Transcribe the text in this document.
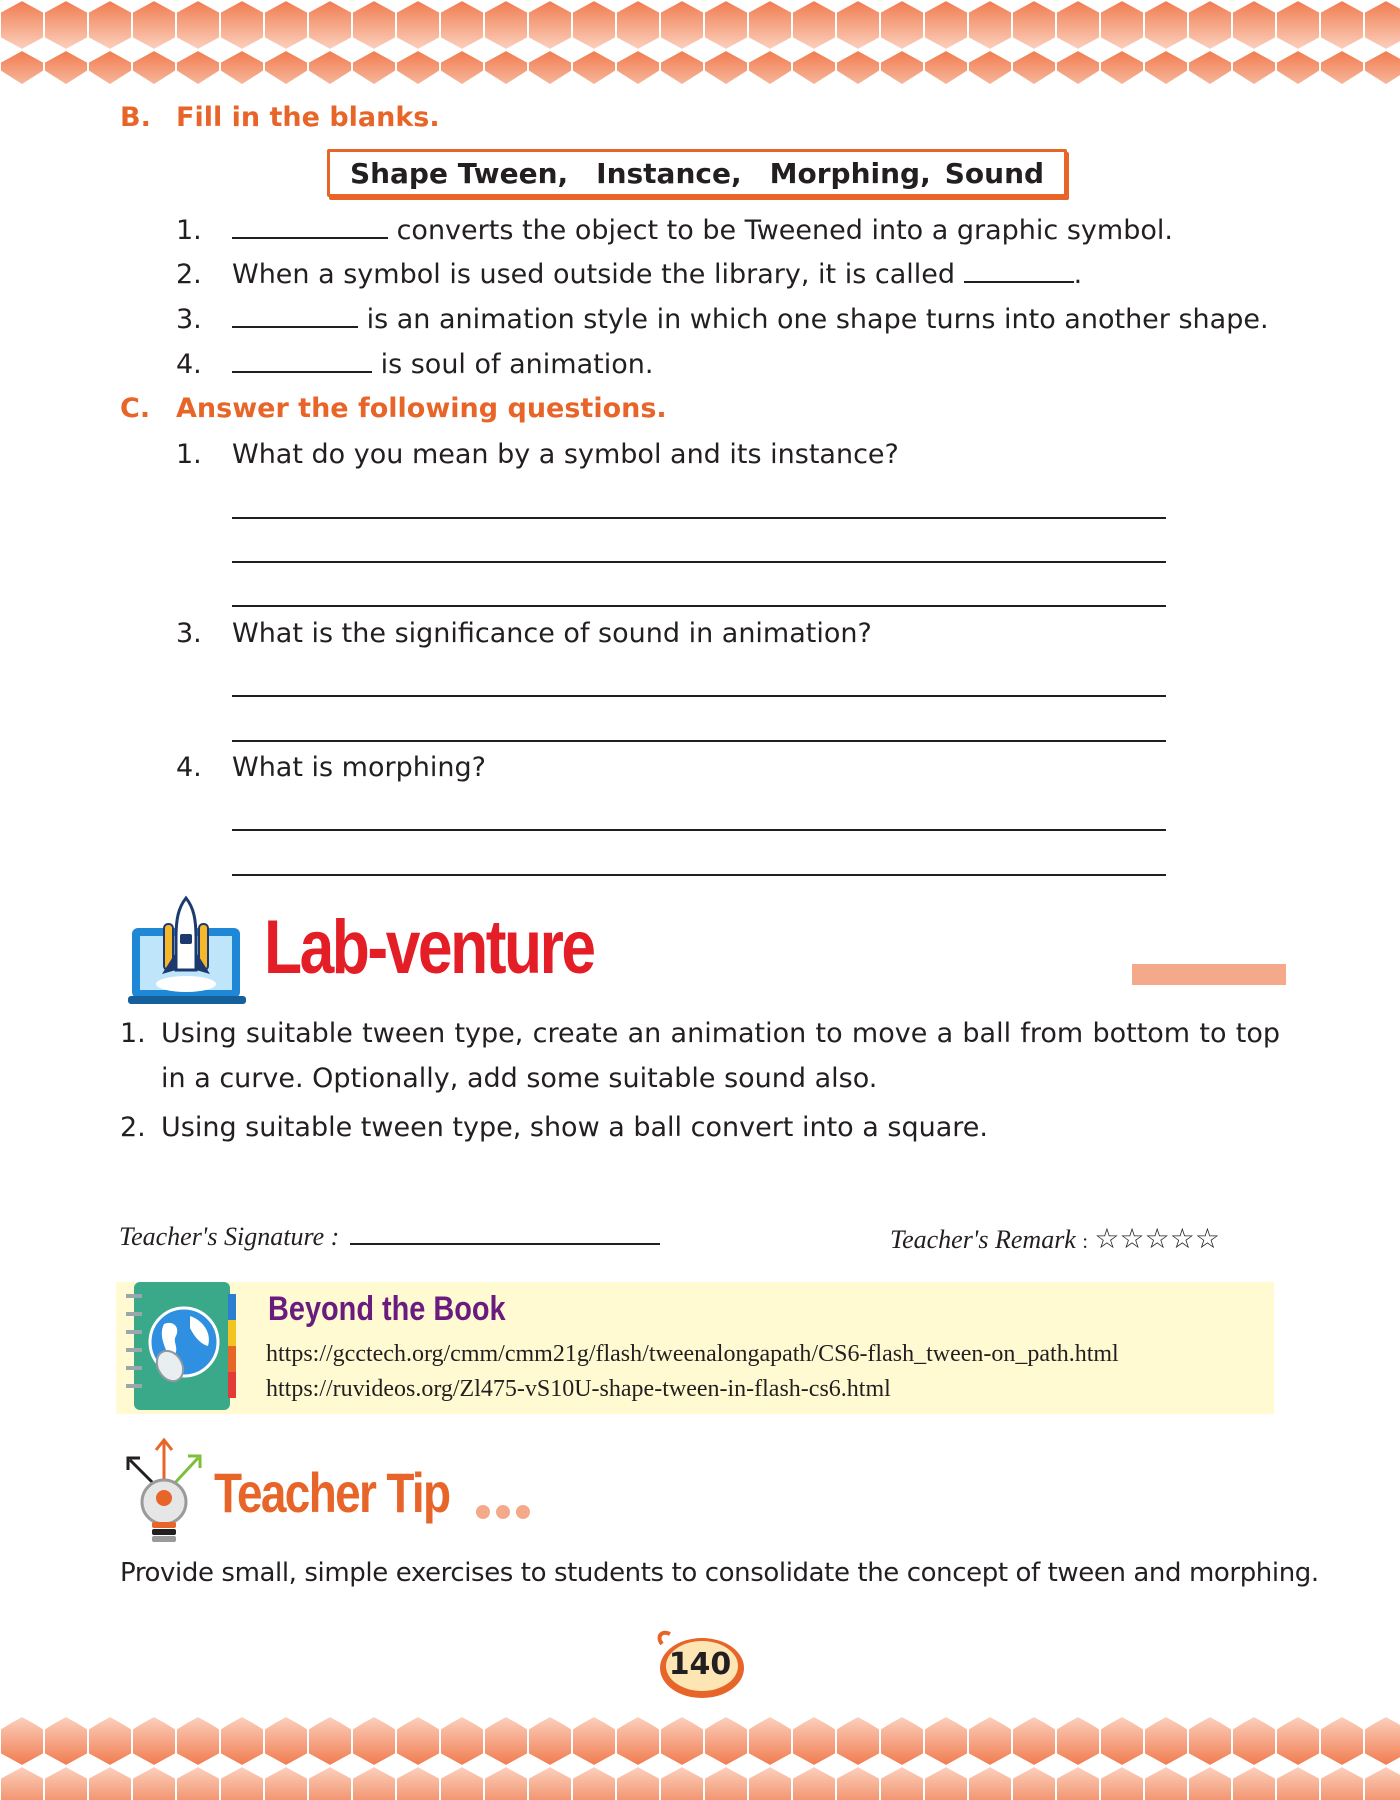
B. Fill in the blanks.
Shape Tween, Instance, Morphing, Sound
1.	converts the object to be Tweened into a graphic symbol.
2. When a symbol is used outside the library, it is called	.
3.	is an animation style in which one shape turns into another shape.
4.	is soul of animation.
C. Answer the following questions.
1. What do you mean by a symbol and its instance?
3. What is the significance of sound in animation?
4. What is morphing?
Lab-venture
1. Using suitable tween type, create an animation to move a ball from bottom to top in a curve. Optionally, add some suitable sound also.
2. Using suitable tween type, show a ball convert into a square.
Teacher's Signature :	Teacher's Remark : ☆☆☆☆☆
Beyond the Book
https://gcctech.org/cmm/cmm21g/flash/tweenalongapath/CS6-flash_tween-on_path.html
https://ruvideos.org/Zl475-vS10U-shape-tween-in-flash-cs6.html
Teacher Tip
Provide small, simple exercises to students to consolidate the concept of tween and morphing.
140
